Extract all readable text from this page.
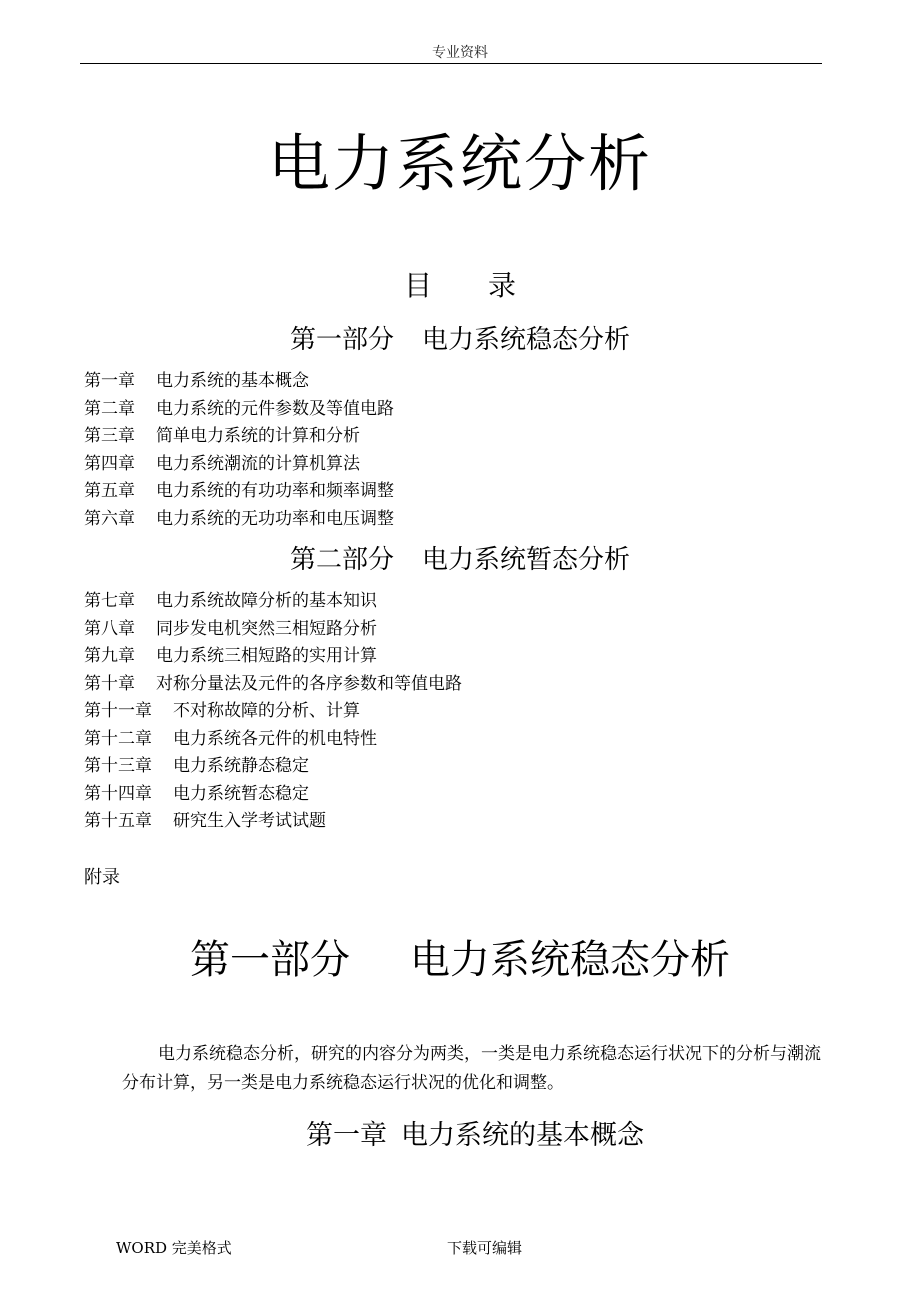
专业资料
电力系统分析
目 录
第一部分 电力系统稳态分析
第一章 电力系统的基本概念
第二章 电力系统的元件参数及等值电路
第三章 简单电力系统的计算和分析
第四章 电力系统潮流的计算机算法
第五章 电力系统的有功功率和频率调整
第六章 电力系统的无功功率和电压调整
第二部分 电力系统暂态分析
第七章 电力系统故障分析的基本知识
第八章 同步发电机突然三相短路分析
第九章 电力系统三相短路的实用计算
第十章 对称分量法及元件的各序参数和等值电路
第十一章 不对称故障的分析、计算
第十二章 电力系统各元件的机电特性
第十三章 电力系统静态稳定
第十四章 电力系统暂态稳定
第十五章 研究生入学考试试题
附录
第一部分 电力系统稳态分析

电力系统稳态分析，研究的内容分为两类，一类是电力系统稳态运行状况下的分析与潮流分布计算，另一类是电力系统稳态运行状况的优化和调整。

第一章 电力系统的基本概念
WORD 完美格式	下载可编辑
